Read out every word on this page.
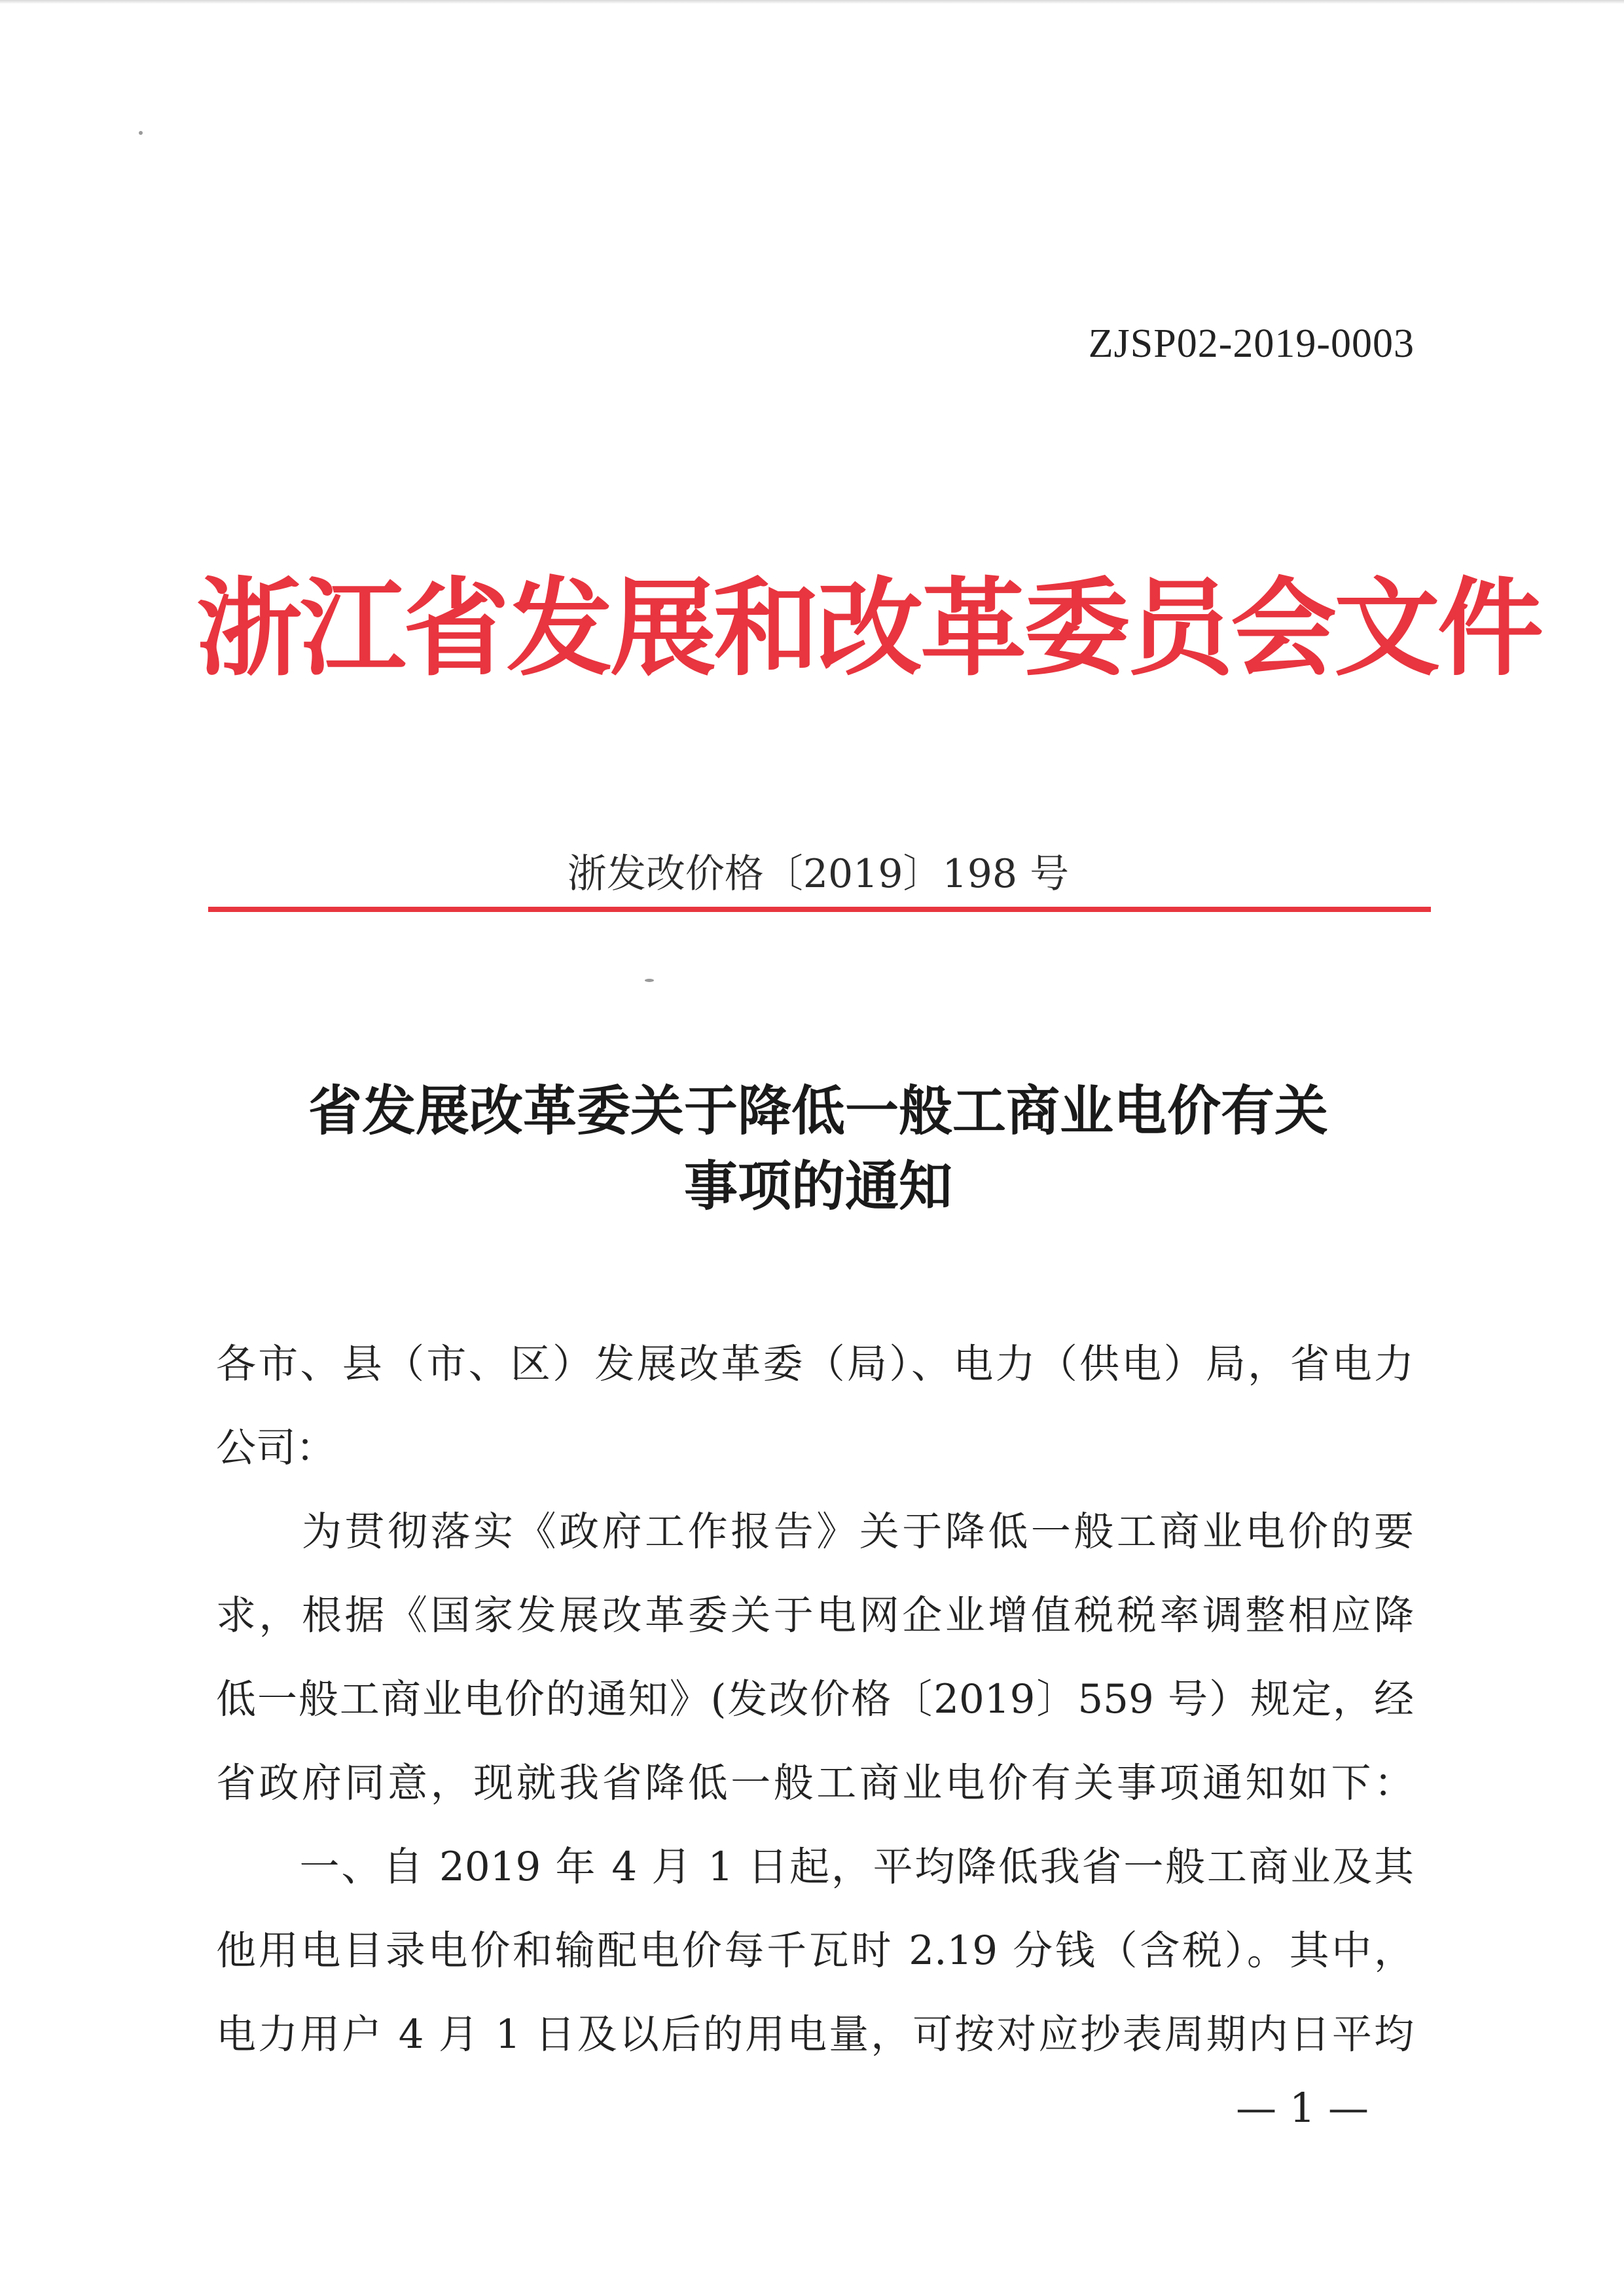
ZJSP02-2019-0003
浙江省发展和改革委员会文件
浙发改价格〔2019〕198 号
省发展改革委关于降低一般工商业电价有关
事项的通知
各市、县（市、区）发展改革委（局）、电力（供电）局，省电力
公司：
　　为贯彻落实《政府工作报告》关于降低一般工商业电价的要
求，根据《国家发展改革委关于电网企业增值税税率调整相应降
低一般工商业电价的通知》(发改价格〔2019〕559 号）规定，经
省政府同意，现就我省降低一般工商业电价有关事项通知如下：
　　一、自 2019 年 4 月 1 日起，平均降低我省一般工商业及其
他用电目录电价和输配电价每千瓦时 2.19 分钱（含税）。其中，
电力用户 4 月 1 日及以后的用电量，可按对应抄表周期内日平均
— 1 —
